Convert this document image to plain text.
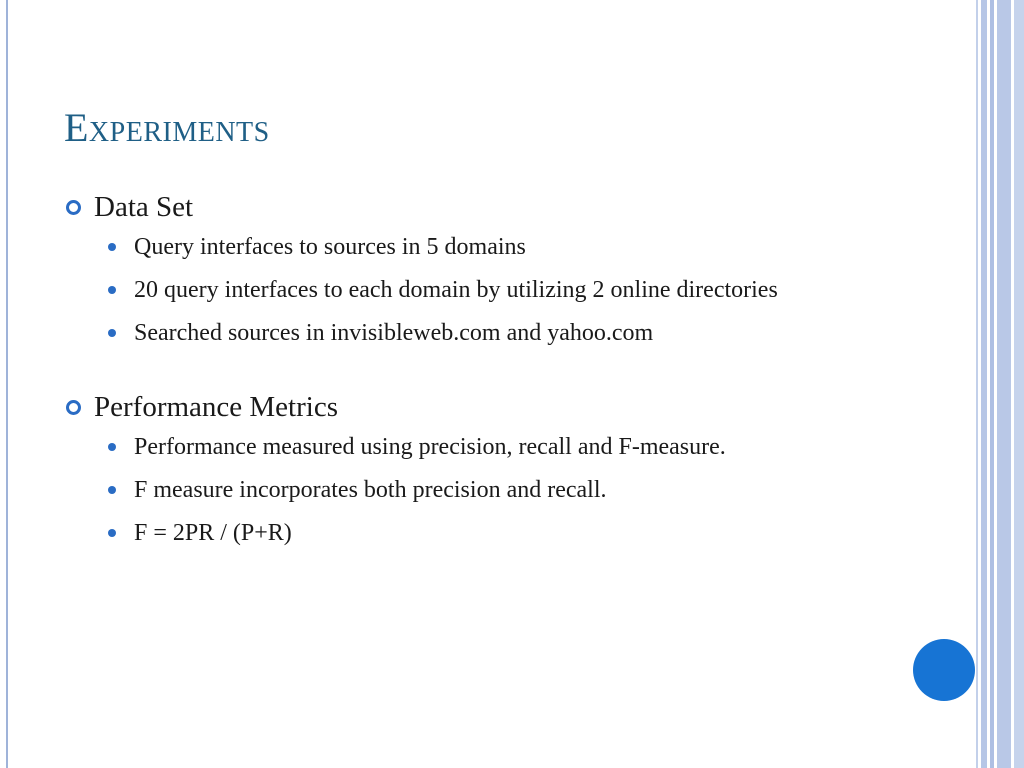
Experiments
Data Set
Query interfaces to sources in 5 domains
20 query interfaces to each domain by utilizing 2 online directories
Searched sources in invisibleweb.com and yahoo.com
Performance Metrics
Performance measured using precision, recall and F-measure.
F measure incorporates both precision and recall.
F = 2PR / (P+R)
